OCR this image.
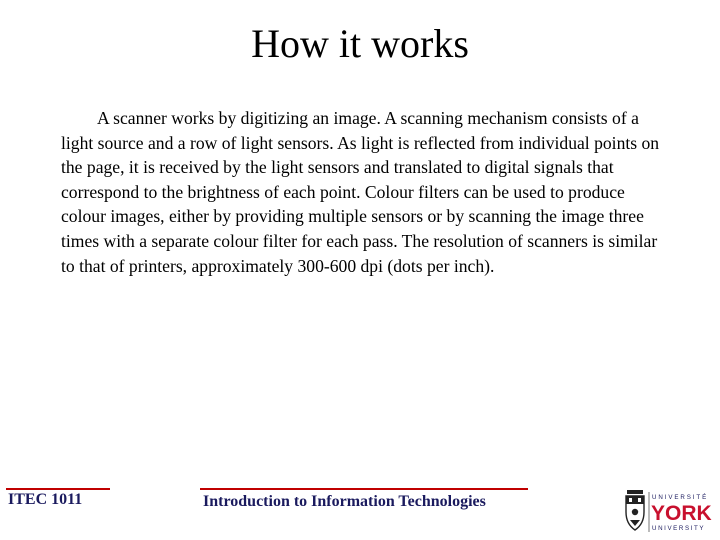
How it works

A scanner works by digitizing an image. A scanning mechanism consists of a light source and a row of light sensors. As light is reflected from individual points on the page, it is received by the light sensors and translated to digital signals that correspond to the brightness of each point. Colour filters can be used to produce colour images, either by providing multiple sensors or by scanning the image three times with a separate colour filter for each pass. The resolution of scanners is similar to that of printers, approximately 300-600 dpi (dots per inch).

ITEC 1011	Introduction to Information Technologies	UNIVERSITÉ
YORK
UNIVERSITY
